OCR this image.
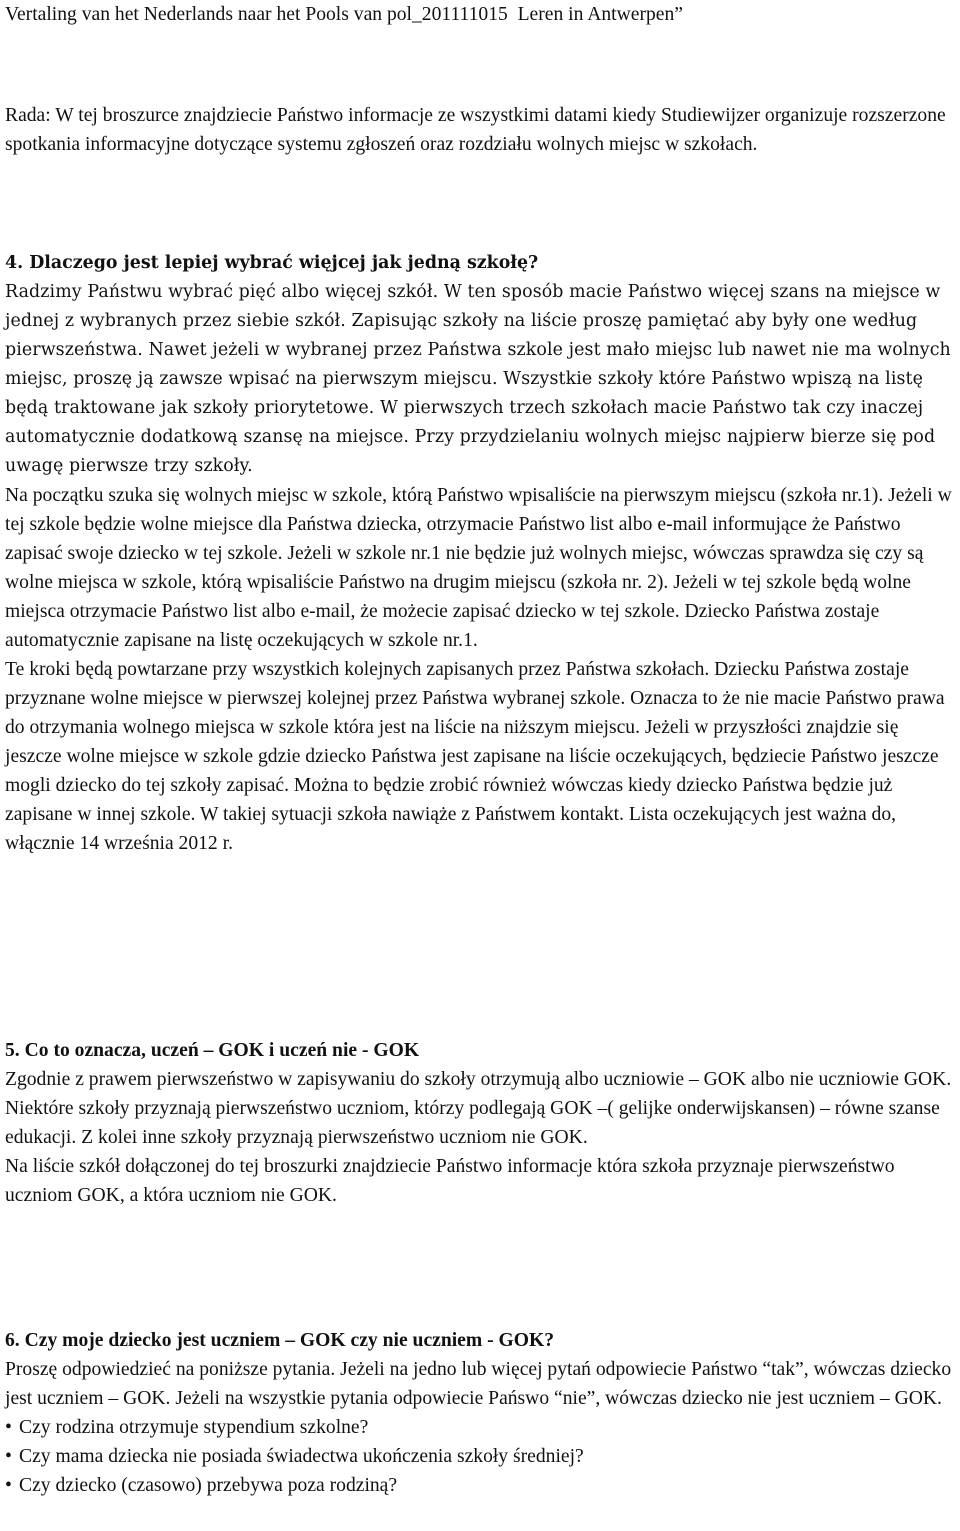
Vertaling van het Nederlands naar het Pools van pol_201111015  Leren in Antwerpen”

Rada: W tej broszurce znajdziecie Państwo informacje ze wszystkimi datami kiedy Studiewijzer organizuje rozszerzone spotkania informacyjne dotyczące systemu zgłoszeń oraz rozdziału wolnych miejsc w szkołach.

4. Dlaczego jest lepiej wybrać więjcej jak jedną szkołę?

Radzimy Państwu wybrać pięć albo więcej szkół. W ten sposób macie Państwo więcej szans na miejsce w jednej z wybranych przez siebie szkół. Zapisując szkoły na liście proszę pamiętać aby były one według pierwszeństwa. Nawet jeżeli w wybranej przez Państwa szkole jest mało miejsc lub nawet nie ma wolnych miejsc, proszę ją zawsze wpisać na pierwszym miejscu. Wszystkie szkoły które Państwo wpiszą na listę będą traktowane jak szkoły priorytetowe. W pierwszych trzech szkołach macie Państwo tak czy inaczej automatycznie dodatkową szansę na miejsce. Przy przydzielaniu wolnych miejsc najpierw bierze się pod uwagę pierwsze trzy szkoły.

Na początku szuka się wolnych miejsc w szkole, którą Państwo wpisaliście na pierwszym miejscu (szkoła nr.1). Jeżeli w tej szkole będzie wolne miejsce dla Państwa dziecka, otrzymacie Państwo list albo e-mail informujące że Państwo zapisać swoje dziecko w tej szkole. Jeżeli w szkole nr.1 nie będzie już wolnych miejsc, wówczas sprawdza się czy są wolne miejsca w szkole, którą wpisaliście Państwo na drugim miejscu (szkoła nr. 2). Jeżeli w tej szkole będą wolne miejsca otrzymacie Państwo list albo e-mail, że możecie zapisać dziecko w tej szkole. Dziecko Państwa zostaje automatycznie zapisane na listę oczekujących w szkole nr.1.

Te kroki będą powtarzane przy wszystkich kolejnych zapisanych przez Państwa szkołach. Dziecku Państwa zostaje przyznane wolne miejsce w pierwszej kolejnej przez Państwa wybranej szkole. Oznacza to że nie macie Państwo prawa do otrzymania wolnego miejsca w szkole która jest na liście na niższym miejscu. Jeżeli w przyszłości znajdzie się jeszcze wolne miejsce w szkole gdzie dziecko Państwa jest zapisane na liście oczekujących, będziecie Państwo jeszcze mogli dziecko do tej szkoły zapisać. Można to będzie zrobić również wówczas kiedy dziecko Państwa będzie już zapisane w innej szkole. W takiej sytuacji szkoła nawiąże z Państwem kontakt. Lista oczekujących jest ważna do, włącznie 14 września 2012 r.

5. Co to oznacza, uczeń – GOK i uczeń nie - GOK

Zgodnie z prawem pierwszeństwo w zapisywaniu do szkoły otrzymują albo uczniowie – GOK albo nie uczniowie GOK. Niektóre szkoły przyznają pierwszeństwo uczniom, którzy podlegają GOK –( gelijke onderwijskansen) – równe szanse edukacji. Z kolei inne szkoły przyznają pierwszeństwo uczniom nie GOK.

Na liście szkół dołączonej do tej broszurki znajdziecie Państwo informacje która szkoła przyznaje pierwszeństwo uczniom GOK, a która uczniom nie GOK.

6. Czy moje dziecko jest uczniem – GOK czy nie uczniem - GOK?

Proszę odpowiedzieć na poniższe pytania. Jeżeli na jedno lub więcej pytań odpowiecie Państwo “tak”, wówczas dziecko jest uczniem – GOK. Jeżeli na wszystkie pytania odpowiecie Pańswo “nie”, wówczas dziecko nie jest uczniem – GOK.

• Czy rodzina otrzymuje stypendium szkolne?
• Czy mama dziecka nie posiada świadectwa ukończenia szkoły średniej?
• Czy dziecko (czasowo) przebywa poza rodziną?
